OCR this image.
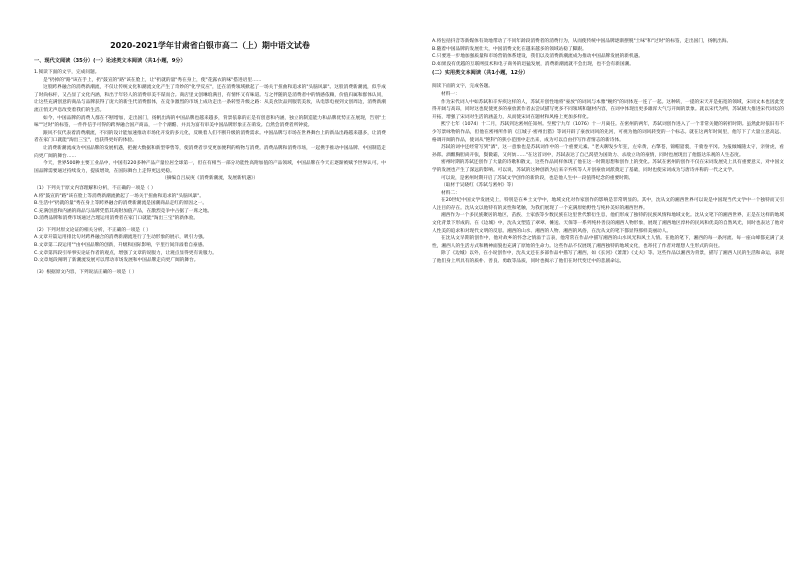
2020-2021学年甘肃省白银市高二（上）期中语文试卷
一、现代文阅读（35分）(一）论述类文本阅读（共1小题，9分）

1.阅读下面的文字，完成问题。

是"扔掉的"路"该在手上，扔"鼓宣的"路"该在脸上，让"扔就的量"秀在身上，使"花露衣的味"搭进语里……

这股跨界融合的消费新潮流，不仅让传统文化和潮流文化产生了奇妙的"化学反应"，还在消费领域掀起了一场关于扭曲和追求的"头脑风暴"。这股消费新潮流，似乎成了时尚标杆，又凸显了文化内涵，和出于年轻人的消费审美不谋而合。商店里文创琳琅满目，有情怀又有味道。与之伴随的是消费者中的情感依赖，价值归属和群体认同，让这些充满创意的商品与品牌获得了庞大的新生代消费群体，在竞争激烈的市场上成功走出一条转型升级之路：从美食饮品到服装美妆，从电影电视到文创周边，消费新潮流正悄无声息改变着我们的生活。

如今，中国品牌的消费人群在不断增加，走出国门，扬帆出海的中国品牌也越来越多，背景依靠的正是有创意和内涵，独立的制造能力和品牌优势正在展现，告别"土味""过时"的标签，一件件信手可得的跨界融合国产商品，一个个潮酷、并具为富有审美中国品牌形象正在萌发。自然会消费者所钟爱。

跟风不仅代表着消费潮流，不同的设计能加速推动市场化开发的多元化，反映着人们不断升级的消费需求。中国品牌与市场在世界舞台上的新品出路越来越多，让消费者在家门口就能"淘出三宝"，也获得更好的体验。

让消费新潮流成为中国品牌的发展机遇，把握大数据和新型零售等，使消费者享受更加便利的购物与消费。消费品牌和消费市场，一起携手推动中国品牌、中国制造走向更广阔的舞台……

今天，世界500种主要工业品中，中国有220多种产品产量位居全球第一，但在有相当一部分功能性高附加值的产品领域，中国品牌在今天正逐渐被赋予世界认可。中国品牌需要通过持续发力，提质增效，在国际舞台上走得更远更稳。

（摘编自吕辰庚《消费新潮流，发展新机遇》）

（1）下列关于原文内容理解和分析，不正确的一项是（ ）

A.将"鼓宣的"路"该在脸上等消费新潮流掀起了一场关于扭曲和追求的"头脑风暴"。

B.生活中"扔就的量"秀在身上等跨界融合的消费新潮流是国潮商品走红的原因之一。

C.充满创意和内涵的商品与品牌凭借其高附加值产品，在激烈竞争中占据了一席之地。

D.消费品牌和消费市场通过合理运用消费者在家门口就能"淘出三宝"的新体验。

（2）下列对原文论证的相关分析，不正确的一项是（ ）

A.文章开篇运用排比句对跨界融合的消费新潮流进行了生动形象的展示，吸引力强。

B.文章第二段运用""由中国品牌的创新，升级和国际影响，字里行间洋溢着自豪感。

C.文章第四段引举事实论证作者的观点，增强了文章的说服力，让观点显得更有说服力。

D.文章尾段阐明了新潮流发展可以带动市场发展和中国品牌走向更广阔的舞台。

（3）根据原文内容，下列说法正确的一项是（ ）

A.将包括抖音等新媒体有效地带动了不同年龄段消费者的消费行为，从而使传统中国品牌逐渐摆脱"土味"和"过时"的标签，走出国门，扬帆出海。

B.随着中国品牌的发展壮大，中国消费文化在越来越多的领域站稳了脚跟。

C.只要进一步地加强质量和市场营销体系建设，我们以及消费新潮流成为推动中国品牌发展的新机遇。

D.如果没有优越的互联网技术和电子商务的迅猛发展，消费新潮流就不会出现，也不会有新国潮。

(二）实用类文本阅读（共1小题，12分）

阅读下面的文字，完成各题。

材料一：

作为宋代词人中如苏轼和辛弃疾这样的人，苏轼开创性地将"豪放"的词风与本雅"婉约"的词体连一连了一起。这种转，一提的宋天开是拓宽的领域，宋词文本也因此变得开阔与高昂，同时这也促使更多的豪放派作者去尝试描写更多不同领域和题材内容，在词中体现出更多雄浑大气与开阔的景象。就以宋代为例，苏轼极大推进宋代词坛的开拓，增强了宋词对生活的涵盖力，从而使宋词在题材和风格上更加多样化。

熙宁七年（1074）十二月，苏轼到达密州任知州。至熙宁九年（1076）十一月离任。在密州的两年，苏轼词创作进入了一个非常关键的转折时期。虽然此时依旧有不少写景咏物的作品，但他在密州所作的《江城子·密州出猎》等词开辟了豪放词风的先河，可视为他的词风转变的一个标志。就在这两年时间里，他写下了大量立意高远、格调开阔的作品，使词从"艳科"的狭小范围中走出来，成为可以自由抒写作者情志的新诗体。

苏轼的词中还经常写到"酒"，这一意象也是苏轼词作中的一个重要元素。"老夫聊发少年狂，左牵黄，右擎苍，锦帽貂裘，千骑卷平冈。为报倾城随太守，亲射虎，看孙郎。酒酣胸胆尚开张，鬓微霜，又何妨……"在这首词中，苏轼表达了自己渴望为国效力、杀敌立功的豪情，同时也展现出了他豁达乐观的人生态度。

密州时期的苏轼还创作了大量的诗歌和散文，这些作品同样体现了他在这一时期思想和创作上的变化。苏轼在密州的创作不仅在宋词发展史上具有重要意义，对中国文学的发展也产生了深远的影响。可以说，苏轼的这种创新为后来辛弃疾等人开创豪放词派奠定了基础，同时也使宋词成为与唐诗并称的一代之文学。

可以说，是密州时期开启了苏轼文学创作的新阶段，也是他人生中一段值得纪念的重要时期。

（取材于吴晓红《苏轼与密州》等）

材料二：

在20世纪中国文学发展史上，特别是在乡土文学中，地域文化对作家创作的影响是非常明显的。其中，沈从文的湘西世界可以说是中国现当代文学中一个独特而又引人注目的存在。沈从文以他特有的灵性和笔触，为我们展现了一个充满原始野性与纯朴美好的湘西世界。

湘西作为一个多民族聚居的地区，苗族、土家族等少数民族在这里世代繁衍生息，他们形成了独特的民族风情和地域文化。沈从文笔下的湘西世界，正是在这样的地域文化背景下形成的。在《边城》中，沈从文塑造了翠翠、傩送、天保等一系列纯朴善良的湘西人物形象，展现了湘西地区淳朴的民风和优美的自然风光，同时也表达了他对人性美的追求和对现代文明的反思。湘西的山水、湘西的人物、湘西的风俗，在沈从文的笔下都显得那样美丽动人。

在沈从文早期的创作中，他对故乡的怀念之情溢于言表，他常常在作品中描写湘西的山水风光和风土人情。在他的笔下，湘西的每一条河流、每一座山峰都充满了灵性，湘西人的生活方式和精神面貌也充满了原始的生命力。这些作品不仅展现了湘西独特的地域文化，也寄托了作者对理想人生形式的向往。

除了《边城》以外，在小说创作中，沈从文还在多部作品中描写了湘西，如《长河》《萧萧》《丈夫》等。这些作品以湘西为背景，描写了湘西人民的生活和命运，表现了他们身上所具有的质朴、善良、勇敢等品质，同时也揭示了他们在时代变迁中的悲剧命运。
